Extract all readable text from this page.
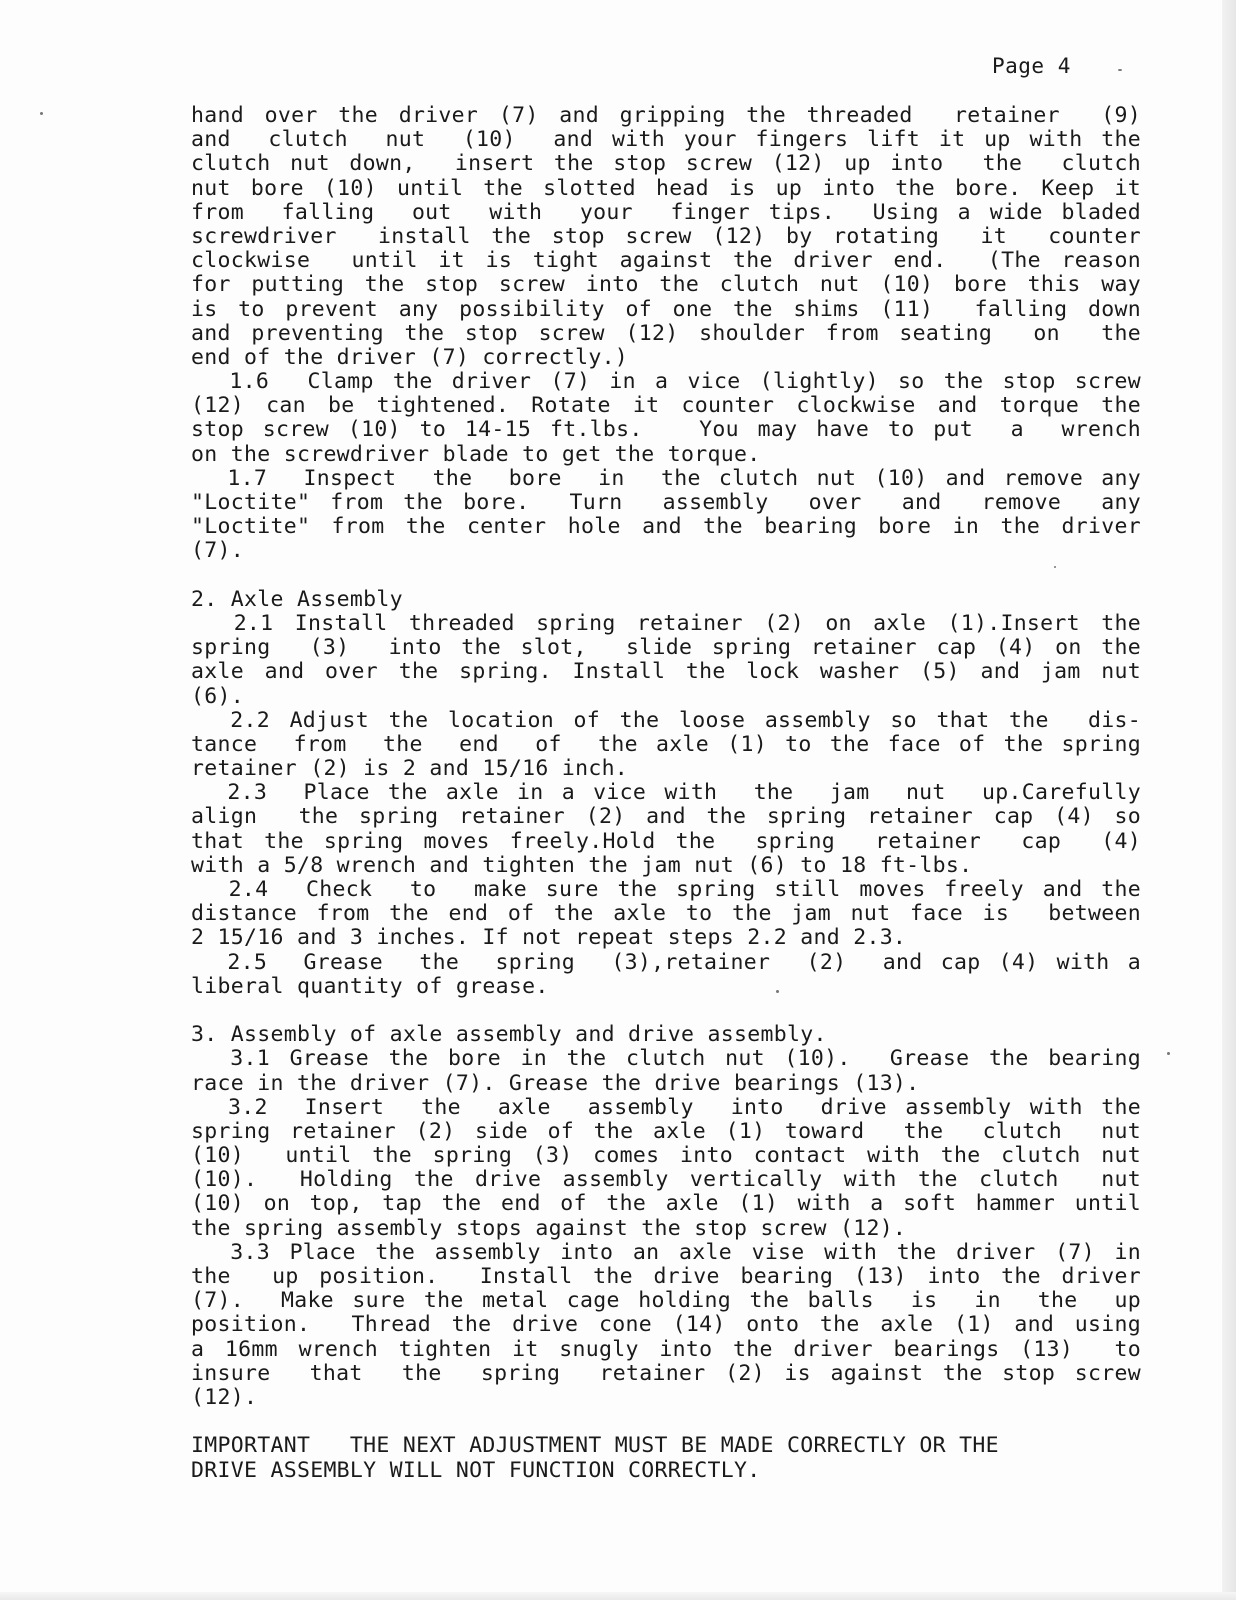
Page 4
hand over the driver (7) and gripping the threaded  retainer  (9)
and  clutch  nut  (10)  and with your fingers lift it up with the
clutch nut down,  insert the stop screw (12) up into  the  clutch
nut bore (10) until the slotted head is up into the bore. Keep it
from  falling  out  with  your  finger tips.  Using a wide bladed
screwdriver  install the stop screw (12) by rotating  it  counter
clockwise  until it is tight against the driver end.  (The reason
for putting the stop screw into the clutch nut (10) bore this way
is to prevent any possibility of one the shims (11)  falling down
and preventing the stop screw (12) shoulder from seating  on  the
end of the driver (7) correctly.)
1.6  Clamp the driver (7) in a vice (lightly) so the stop screw
(12) can be tightened. Rotate it counter clockwise and torque the
stop screw (10) to 14-15 ft.lbs.   You may have to put  a  wrench
on the screwdriver blade to get the torque.
1.7  Inspect  the  bore  in  the clutch nut (10) and remove any
"Loctite" from the bore.  Turn  assembly  over  and  remove  any
"Loctite" from the center hole and the bearing bore in the driver
(7).
2. Axle Assembly
2.1 Install threaded spring retainer (2) on axle (1).Insert the
spring  (3)  into the slot,  slide spring retainer cap (4) on the
axle and over the spring. Install the lock washer (5) and jam nut
(6).
2.2 Adjust the location of the loose assembly so that the  dis-
tance  from  the  end  of  the axle (1) to the face of the spring
retainer (2) is 2 and 15/16 inch.
2.3  Place the axle in a vice with  the  jam  nut  up.Carefully
align  the spring retainer (2) and the spring retainer cap (4) so
that the spring moves freely.Hold the  spring  retainer  cap  (4)
with a 5/8 wrench and tighten the jam nut (6) to 18 ft-lbs.
2.4  Check  to  make sure the spring still moves freely and the
distance from the end of the axle to the jam nut face is  between
2 15/16 and 3 inches. If not repeat steps 2.2 and 2.3.
2.5  Grease  the  spring  (3),retainer  (2)  and cap (4) with a
liberal quantity of grease.
3. Assembly of axle assembly and drive assembly.
3.1 Grease the bore in the clutch nut (10).  Grease the bearing
race in the driver (7). Grease the drive bearings (13).
3.2  Insert  the  axle  assembly  into  drive assembly with the
spring retainer (2) side of the axle (1) toward  the  clutch  nut
(10)  until the spring (3) comes into contact with the clutch nut
(10).  Holding the drive assembly vertically with the clutch  nut
(10) on top, tap the end of the axle (1) with a soft hammer until
the spring assembly stops against the stop screw (12).
3.3 Place the assembly into an axle vise with the driver (7) in
the  up position.  Install the drive bearing (13) into the driver
(7).  Make sure the metal cage holding the balls  is  in  the  up
position.  Thread the drive cone (14) onto the axle (1) and using
a 16mm wrench tighten it snugly into the driver bearings (13)  to
insure  that  the  spring  retainer (2) is against the stop screw
(12).
IMPORTANT   THE NEXT ADJUSTMENT MUST BE MADE CORRECTLY OR THE
DRIVE ASSEMBLY WILL NOT FUNCTION CORRECTLY.
